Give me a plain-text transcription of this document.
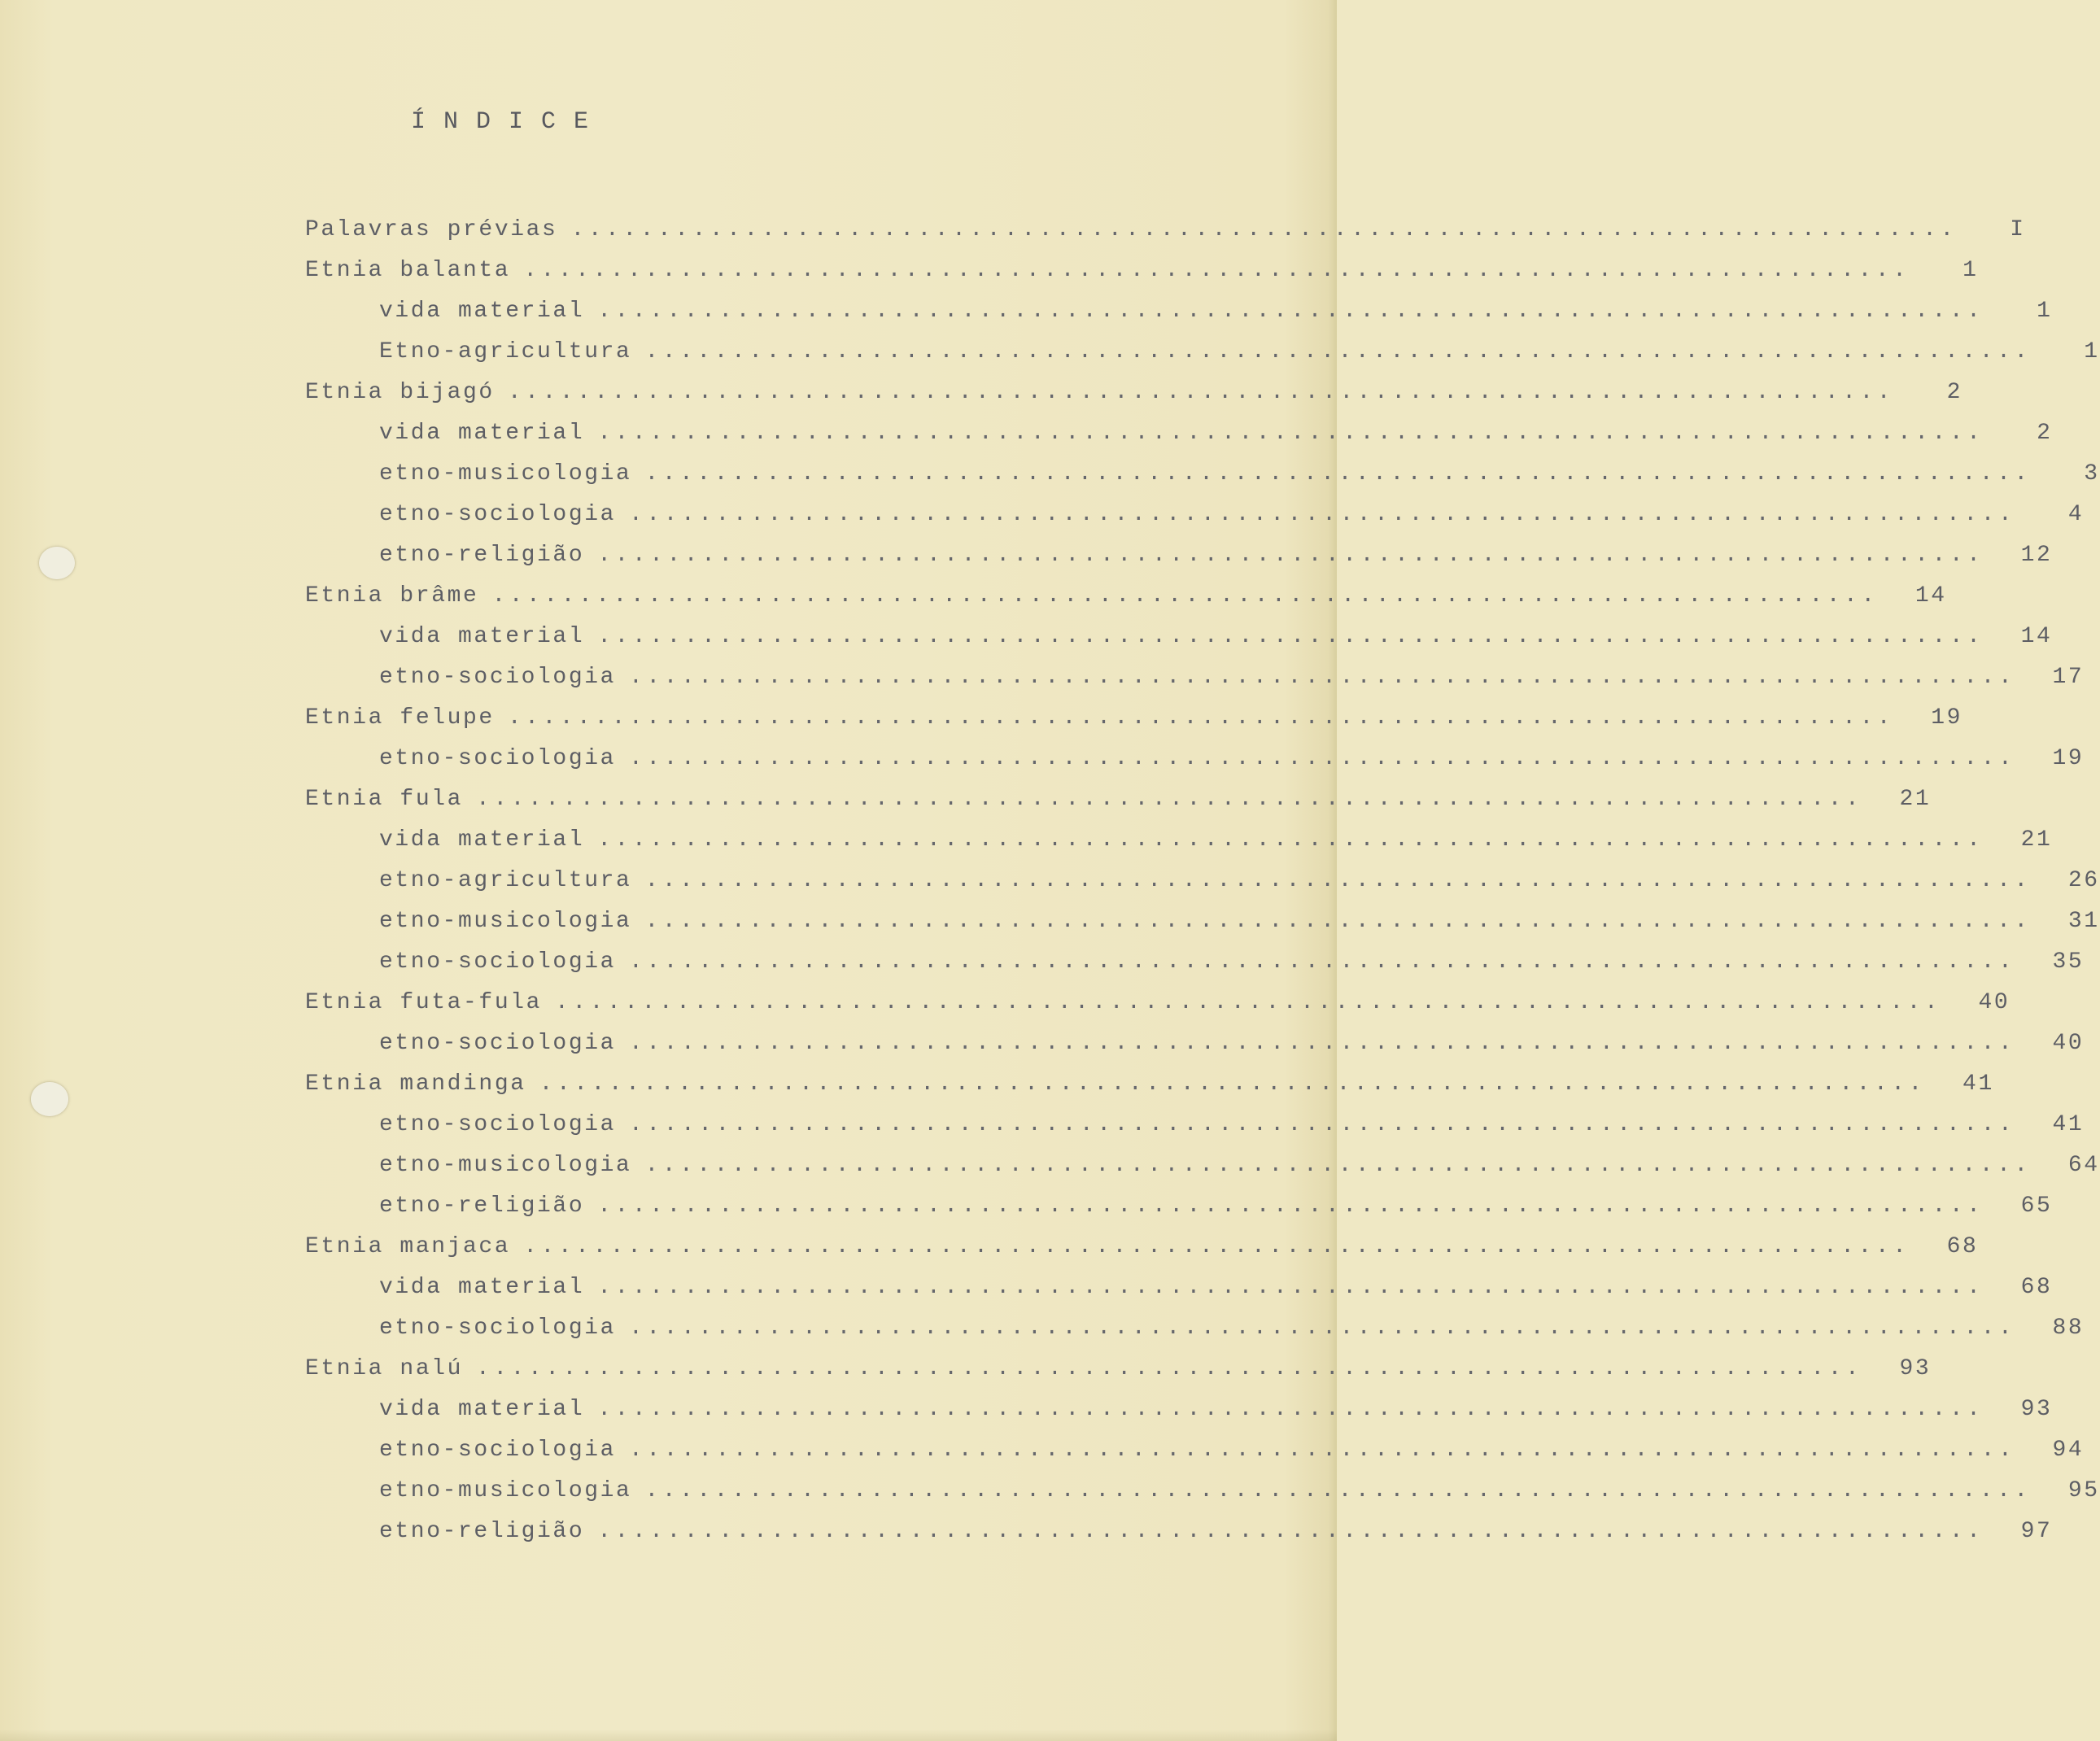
ÍNDICE
Palavras prévias ................................................................................	I
Etnia balanta ................................................................................	1
vida material ................................................................................	1
Etno-agricultura ................................................................................	1
Etnia bijagó ................................................................................	2
vida material ................................................................................	2
etno-musicologia ................................................................................	3
etno-sociologia ................................................................................	4
etno-religião ................................................................................	12
Etnia brâme ................................................................................	14
vida material ................................................................................	14
etno-sociologia ................................................................................	17
Etnia felupe ................................................................................	19
etno-sociologia ................................................................................	19
Etnia fula ................................................................................	21
vida material ................................................................................	21
etno-agricultura ................................................................................	26
etno-musicologia ................................................................................	31
etno-sociologia ................................................................................	35
Etnia futa-fula ................................................................................	40
etno-sociologia ................................................................................	40
Etnia mandinga ................................................................................	41
etno-sociologia ................................................................................	41
etno-musicologia ................................................................................	64
etno-religião ................................................................................	65
Etnia manjaca ................................................................................	68
vida material ................................................................................	68
etno-sociologia ................................................................................	88
Etnia nalú ................................................................................	93
vida material ................................................................................	93
etno-sociologia ................................................................................	94
etno-musicologia ................................................................................	95
etno-religião ................................................................................	97
